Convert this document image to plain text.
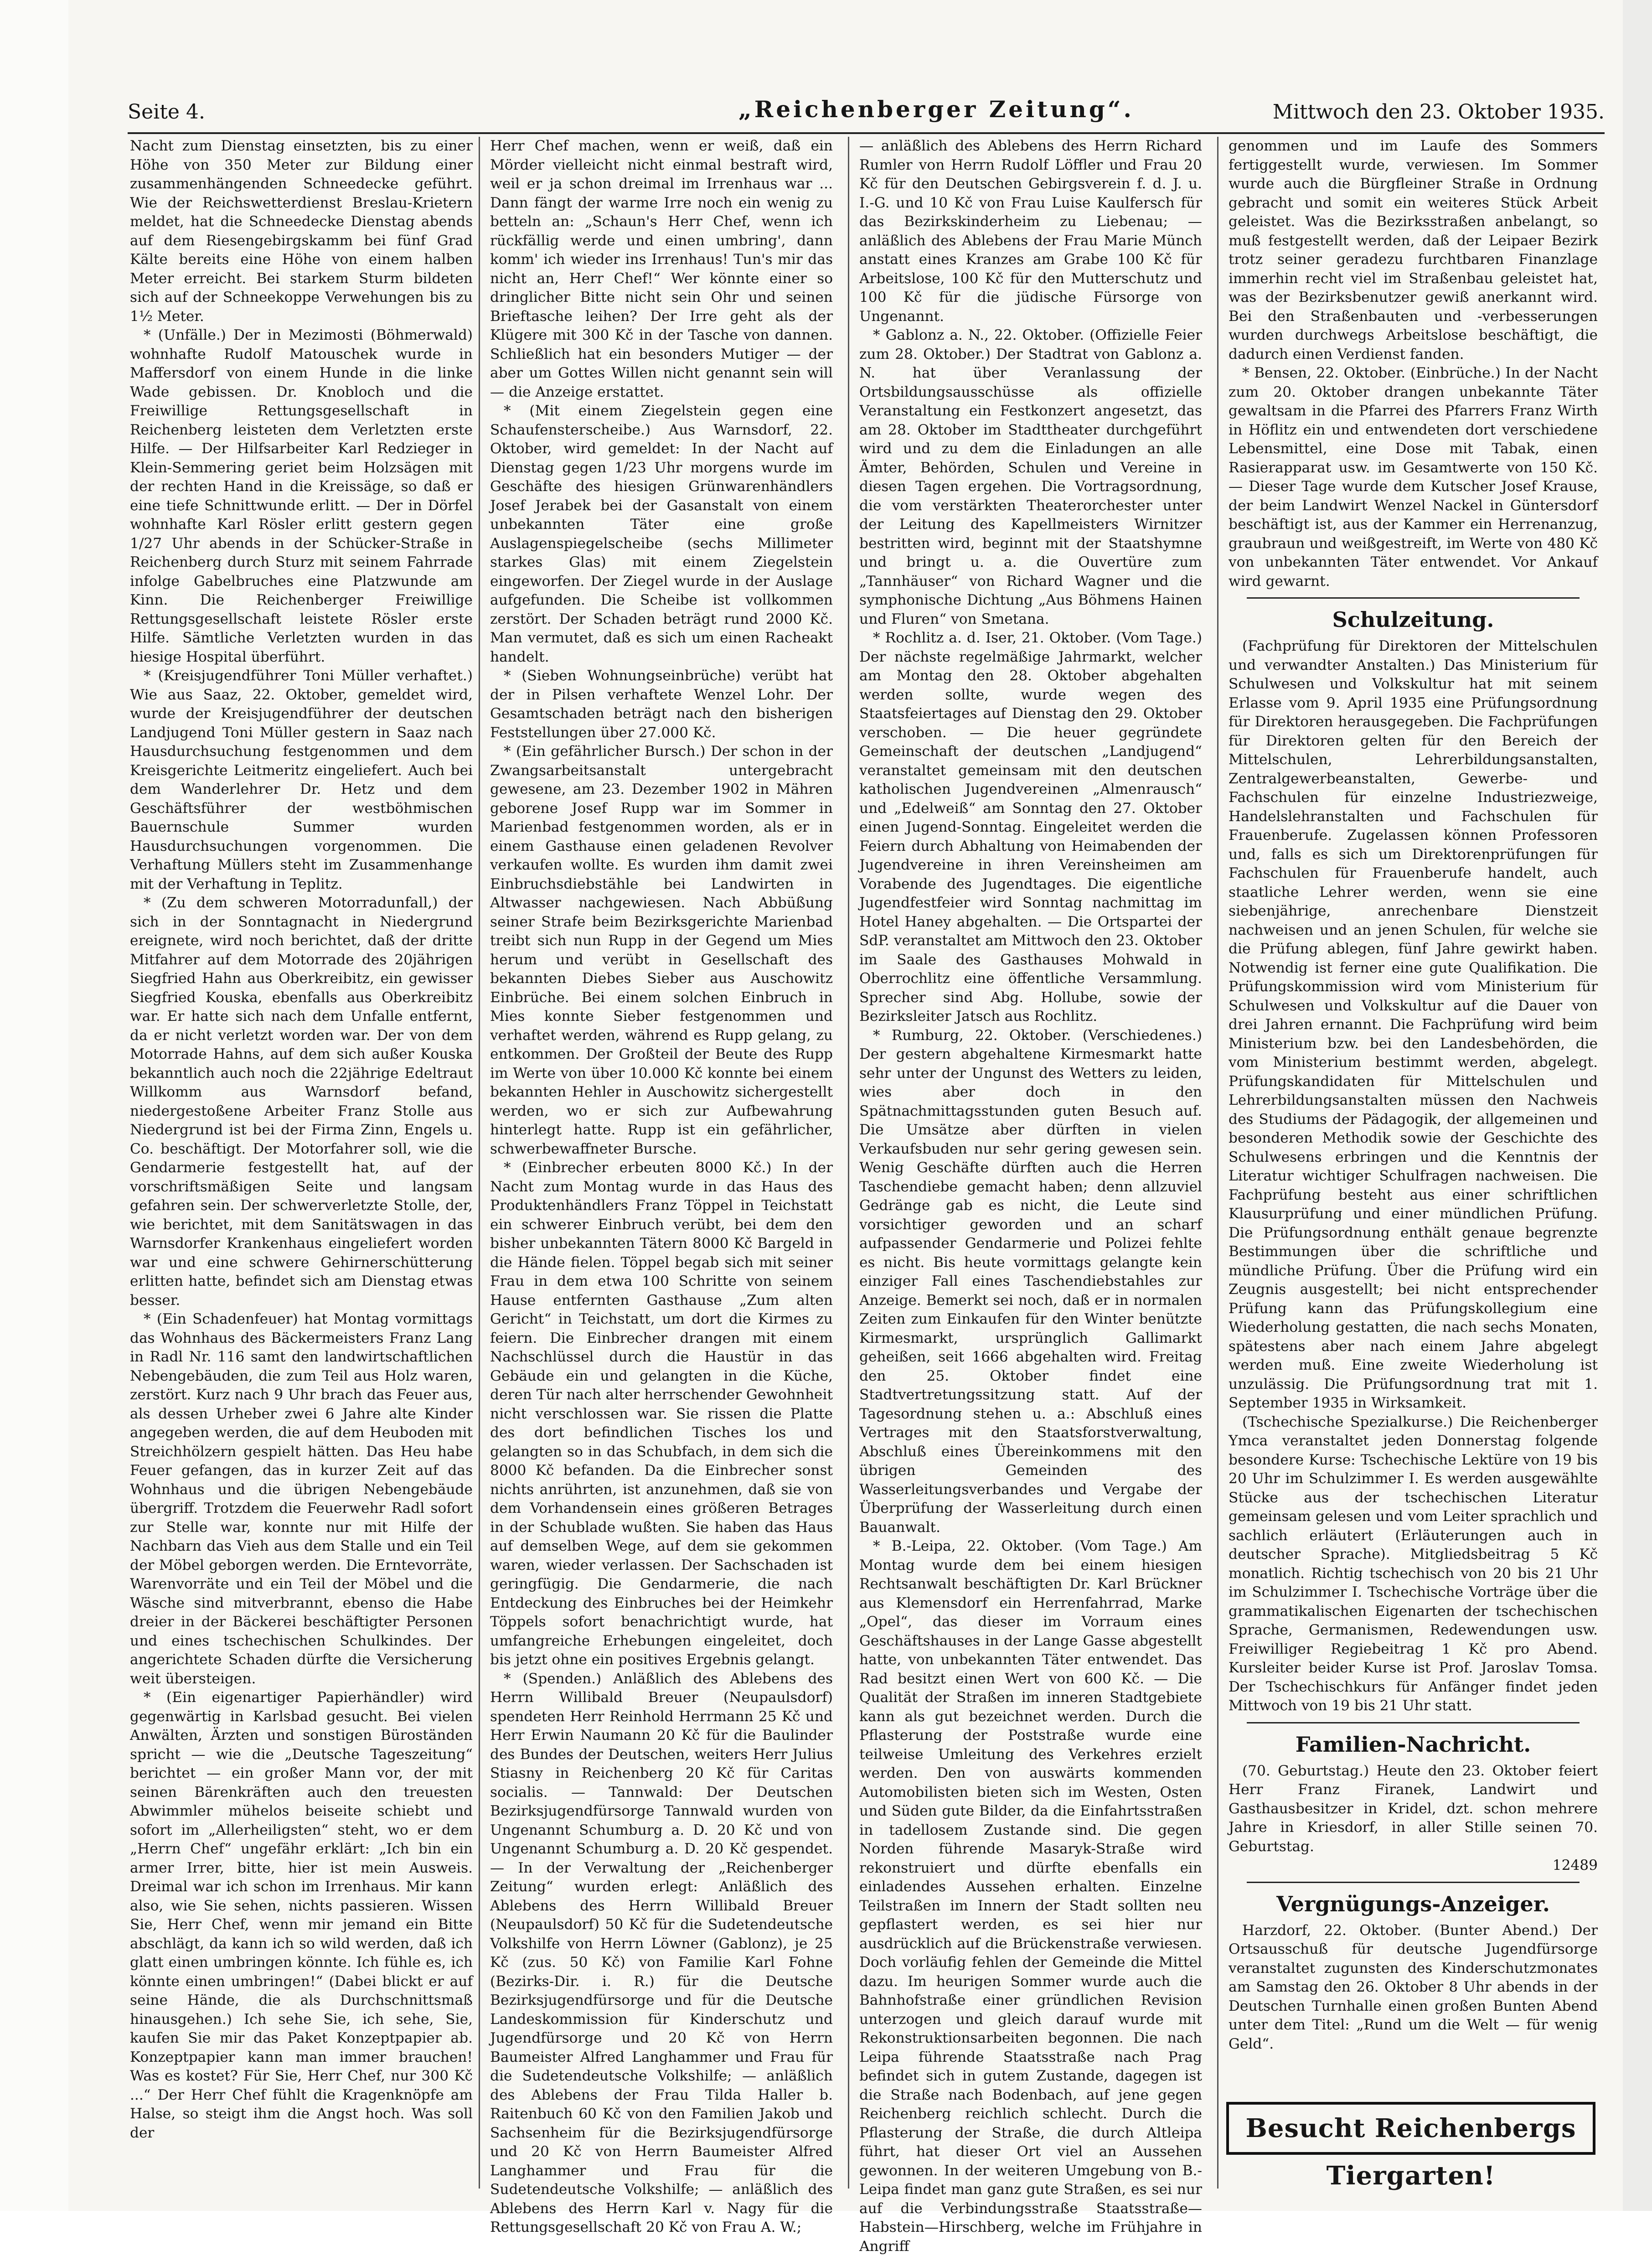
Seite 4.	„Reichenberger Zeitung“.	Mittwoch den 23. Oktober 1935.

Nacht zum Dienstag einsetzten, bis zu einer Höhe von 350 Meter zur Bildung einer zusammenhängenden Schneedecke geführt. Wie der Reichswetterdienst Breslau-Krietern meldet, hat die Schneedecke Dienstag abends auf dem Riesengebirgskamm bei fünf Grad Kälte bereits eine Höhe von einem halben Meter erreicht. Bei starkem Sturm bildeten sich auf der Schneekoppe Verwehungen bis zu 1½ Meter.

* (Unfälle.) Der in Mezimosti (Böhmerwald) wohnhafte Rudolf Matouschek wurde in Maffersdorf von einem Hunde in die linke Wade gebissen. Dr. Knobloch und die Freiwillige Rettungsgesellschaft in Reichenberg leisteten dem Verletzten erste Hilfe. — Der Hilfsarbeiter Karl Redzieger in Klein-Semmering geriet beim Holzsägen mit der rechten Hand in die Kreissäge, so daß er eine tiefe Schnittwunde erlitt. — Der in Dörfel wohnhafte Karl Rösler erlitt gestern gegen 1/27 Uhr abends in der Schücker-Straße in Reichenberg durch Sturz mit seinem Fahrrade infolge Gabelbruches eine Platzwunde am Kinn. Die Reichenberger Freiwillige Rettungsgesellschaft leistete Rösler erste Hilfe. Sämtliche Verletzten wurden in das hiesige Hospital überführt.

* (Kreisjugendführer Toni Müller verhaftet.) Wie aus Saaz, 22. Oktober, gemeldet wird, wurde der Kreisjugendführer der deutschen Landjugend Toni Müller gestern in Saaz nach Hausdurchsuchung festgenommen und dem Kreisgerichte Leitmeritz eingeliefert. Auch bei dem Wanderlehrer Dr. Hetz und dem Geschäftsführer der westböhmischen Bauernschule Summer wurden Hausdurchsuchungen vorgenommen. Die Verhaftung Müllers steht im Zusammenhange mit der Verhaftung in Teplitz.

* (Zu dem schweren Motorradunfall,) der sich in der Sonntagnacht in Niedergrund ereignete, wird noch berichtet, daß der dritte Mitfahrer auf dem Motorrade des 20jährigen Siegfried Hahn aus Oberkreibitz, ein gewisser Siegfried Kouska, ebenfalls aus Oberkreibitz war. Er hatte sich nach dem Unfalle entfernt, da er nicht verletzt worden war. Der von dem Motorrade Hahns, auf dem sich außer Kouska bekanntlich auch noch die 22jährige Edeltraut Willkomm aus Warnsdorf befand, niedergestoßene Arbeiter Franz Stolle aus Niedergrund ist bei der Firma Zinn, Engels u. Co. beschäftigt. Der Motorfahrer soll, wie die Gendarmerie festgestellt hat, auf der vorschriftsmäßigen Seite und langsam gefahren sein. Der schwerverletzte Stolle, der, wie berichtet, mit dem Sanitätswagen in das Warnsdorfer Krankenhaus eingeliefert worden war und eine schwere Gehirnerschütterung erlitten hatte, befindet sich am Dienstag etwas besser.

* (Ein Schadenfeuer) hat Montag vormittags das Wohnhaus des Bäckermeisters Franz Lang in Radl Nr. 116 samt den landwirtschaftlichen Nebengebäuden, die zum Teil aus Holz waren, zerstört. Kurz nach 9 Uhr brach das Feuer aus, als dessen Urheber zwei 6 Jahre alte Kinder angegeben werden, die auf dem Heuboden mit Streichhölzern gespielt hätten. Das Heu habe Feuer gefangen, das in kurzer Zeit auf das Wohnhaus und die übrigen Nebengebäude übergriff. Trotzdem die Feuerwehr Radl sofort zur Stelle war, konnte nur mit Hilfe der Nachbarn das Vieh aus dem Stalle und ein Teil der Möbel geborgen werden. Die Erntevorräte, Warenvorräte und ein Teil der Möbel und die Wäsche sind mitverbrannt, ebenso die Habe dreier in der Bäckerei beschäftigter Personen und eines tschechischen Schulkindes. Der angerichtete Schaden dürfte die Versicherung weit übersteigen.

* (Ein eigenartiger Papierhändler) wird gegenwärtig in Karlsbad gesucht. Bei vielen Anwälten, Ärzten und sonstigen Büroständen spricht — wie die „Deutsche Tageszeitung“ berichtet — ein großer Mann vor, der mit seinen Bärenkräften auch den treuesten Abwimmler mühelos beiseite schiebt und sofort im „Allerheiligsten“ steht, wo er dem „Herrn Chef“ ungefähr erklärt: „Ich bin ein armer Irrer, bitte, hier ist mein Ausweis. Dreimal war ich schon im Irrenhaus. Mir kann also, wie Sie sehen, nichts passieren. Wissen Sie, Herr Chef, wenn mir jemand ein Bitte abschlägt, da kann ich so wild werden, daß ich glatt einen umbringen könnte. Ich fühle es, ich könnte einen umbringen!“ (Dabei blickt er auf seine Hände, die als Durchschnittsmaß hinausgehen.) Ich sehe Sie, ich sehe, Sie, kaufen Sie mir das Paket Konzeptpapier ab. Konzeptpapier kann man immer brauchen! Was es kostet? Für Sie, Herr Chef, nur 300 Kč ...“ Der Herr Chef fühlt die Kragenknöpfe am Halse, so steigt ihm die Angst hoch. Was soll der

Herr Chef machen, wenn er weiß, daß ein Mörder vielleicht nicht einmal bestraft wird, weil er ja schon dreimal im Irrenhaus war ... Dann fängt der warme Irre noch ein wenig zu betteln an: „Schaun's Herr Chef, wenn ich rückfällig werde und einen umbring', dann komm' ich wieder ins Irrenhaus! Tun's mir das nicht an, Herr Chef!“ Wer könnte einer so dringlicher Bitte nicht sein Ohr und seinen Brieftasche leihen? Der Irre geht als der Klügere mit 300 Kč in der Tasche von dannen. Schließlich hat ein besonders Mutiger — der aber um Gottes Willen nicht genannt sein will — die Anzeige erstattet.

* (Mit einem Ziegelstein gegen eine Schaufensterscheibe.) Aus Warnsdorf, 22. Oktober, wird gemeldet: In der Nacht auf Dienstag gegen 1/23 Uhr morgens wurde im Geschäfte des hiesigen Grünwarenhändlers Josef Jerabek bei der Gasanstalt von einem unbekannten Täter eine große Auslagenspiegelscheibe (sechs Millimeter starkes Glas) mit einem Ziegelstein eingeworfen. Der Ziegel wurde in der Auslage aufgefunden. Die Scheibe ist vollkommen zerstört. Der Schaden beträgt rund 2000 Kč. Man vermutet, daß es sich um einen Racheakt handelt.

* (Sieben Wohnungseinbrüche) verübt hat der in Pilsen verhaftete Wenzel Lohr. Der Gesamtschaden beträgt nach den bisherigen Feststellungen über 27.000 Kč.

* (Ein gefährlicher Bursch.) Der schon in der Zwangsarbeitsanstalt untergebracht gewesene, am 23. Dezember 1902 in Mähren geborene Josef Rupp war im Sommer in Marienbad festgenommen worden, als er in einem Gasthause einen geladenen Revolver verkaufen wollte. Es wurden ihm damit zwei Einbruchsdiebstähle bei Landwirten in Altwasser nachgewiesen. Nach Abbüßung seiner Strafe beim Bezirksgerichte Marienbad treibt sich nun Rupp in der Gegend um Mies herum und verübt in Gesellschaft des bekannten Diebes Sieber aus Auschowitz Einbrüche. Bei einem solchen Einbruch in Mies konnte Sieber festgenommen und verhaftet werden, während es Rupp gelang, zu entkommen. Der Großteil der Beute des Rupp im Werte von über 10.000 Kč konnte bei einem bekannten Hehler in Auschowitz sichergestellt werden, wo er sich zur Aufbewahrung hinterlegt hatte. Rupp ist ein gefährlicher, schwerbewaffneter Bursche.

* (Einbrecher erbeuten 8000 Kč.) In der Nacht zum Montag wurde in das Haus des Produktenhändlers Franz Töppel in Teichstatt ein schwerer Einbruch verübt, bei dem den bisher unbekannten Tätern 8000 Kč Bargeld in die Hände fielen. Töppel begab sich mit seiner Frau in dem etwa 100 Schritte von seinem Hause entfernten Gasthause „Zum alten Gericht“ in Teichstatt, um dort die Kirmes zu feiern. Die Einbrecher drangen mit einem Nachschlüssel durch die Haustür in das Gebäude ein und gelangten in die Küche, deren Tür nach alter herrschender Gewohnheit nicht verschlossen war. Sie rissen die Platte des dort befindlichen Tisches los und gelangten so in das Schubfach, in dem sich die 8000 Kč befanden. Da die Einbrecher sonst nichts anrührten, ist anzunehmen, daß sie von dem Vorhandensein eines größeren Betrages in der Schublade wußten. Sie haben das Haus auf demselben Wege, auf dem sie gekommen waren, wieder verlassen. Der Sachschaden ist geringfügig. Die Gendarmerie, die nach Entdeckung des Einbruches bei der Heimkehr Töppels sofort benachrichtigt wurde, hat umfangreiche Erhebungen eingeleitet, doch bis jetzt ohne ein positives Ergebnis gelangt.

* (Spenden.) Anläßlich des Ablebens des Herrn Willibald Breuer (Neupaulsdorf) spendeten Herr Reinhold Herrmann 25 Kč und Herr Erwin Naumann 20 Kč für die Baulinder des Bundes der Deutschen, weiters Herr Julius Stiasny in Reichenberg 20 Kč für Caritas socialis. — Tannwald: Der Deutschen Bezirksjugendfürsorge Tannwald wurden von Ungenannt Schumburg a. D. 20 Kč und von Ungenannt Schumburg a. D. 20 Kč gespendet. — In der Verwaltung der „Reichenberger Zeitung“ wurden erlegt: Anläßlich des Ablebens des Herrn Willibald Breuer (Neupaulsdorf) 50 Kč für die Sudetendeutsche Volkshilfe von Herrn Löwner (Gablonz), je 25 Kč (zus. 50 Kč) von Familie Karl Fohne (Bezirks-Dir. i. R.) für die Deutsche Bezirksjugendfürsorge und für die Deutsche Landeskommission für Kinderschutz und Jugendfürsorge und 20 Kč von Herrn Baumeister Alfred Langhammer und Frau für die Sudetendeutsche Volkshilfe; — anläßlich des Ablebens der Frau Tilda Haller b. Raitenbuch 60 Kč von den Familien Jakob und Sachsenheim für die Bezirksjugendfürsorge und 20 Kč von Herrn Baumeister Alfred Langhammer und Frau für die Sudetendeutsche Volkshilfe; — anläßlich des Ablebens des Herrn Karl v. Nagy für die Rettungsgesellschaft 20 Kč von Frau A. W.;

— anläßlich des Ablebens des Herrn Richard Rumler von Herrn Rudolf Löffler und Frau 20 Kč für den Deutschen Gebirgsverein f. d. J. u. I.-G. und 10 Kč von Frau Luise Kaulfersch für das Bezirkskinderheim zu Liebenau; — anläßlich des Ablebens der Frau Marie Münch anstatt eines Kranzes am Grabe 100 Kč für Arbeitslose, 100 Kč für den Mutterschutz und 100 Kč für die jüdische Fürsorge von Ungenannt.

* Gablonz a. N., 22. Oktober. (Offizielle Feier zum 28. Oktober.) Der Stadtrat von Gablonz a. N. hat über Veranlassung der Ortsbildungsausschüsse als offizielle Veranstaltung ein Festkonzert angesetzt, das am 28. Oktober im Stadttheater durchgeführt wird und zu dem die Einladungen an alle Ämter, Behörden, Schulen und Vereine in diesen Tagen ergehen. Die Vortragsordnung, die vom verstärkten Theaterorchester unter der Leitung des Kapellmeisters Wirnitzer bestritten wird, beginnt mit der Staatshymne und bringt u. a. die Ouvertüre zum „Tannhäuser“ von Richard Wagner und die symphonische Dichtung „Aus Böhmens Hainen und Fluren“ von Smetana.

* Rochlitz a. d. Iser, 21. Oktober. (Vom Tage.) Der nächste regelmäßige Jahrmarkt, welcher am Montag den 28. Oktober abgehalten werden sollte, wurde wegen des Staatsfeiertages auf Dienstag den 29. Oktober verschoben. — Die heuer gegründete Gemeinschaft der deutschen „Landjugend“ veranstaltet gemeinsam mit den deutschen katholischen Jugendvereinen „Almenrausch“ und „Edelweiß“ am Sonntag den 27. Oktober einen Jugend-Sonntag. Eingeleitet werden die Feiern durch Abhaltung von Heimabenden der Jugendvereine in ihren Vereinsheimen am Vorabende des Jugendtages. Die eigentliche Jugendfestfeier wird Sonntag nachmittag im Hotel Haney abgehalten. — Die Ortspartei der SdP. veranstaltet am Mittwoch den 23. Oktober im Saale des Gasthauses Mohwald in Oberrochlitz eine öffentliche Versammlung. Sprecher sind Abg. Hollube, sowie der Bezirksleiter Jatsch aus Rochlitz.

* Rumburg, 22. Oktober. (Verschiedenes.) Der gestern abgehaltene Kirmesmarkt hatte sehr unter der Ungunst des Wetters zu leiden, wies aber doch in den Spätnachmittagsstunden guten Besuch auf. Die Umsätze aber dürften in vielen Verkaufsbuden nur sehr gering gewesen sein. Wenig Geschäfte dürften auch die Herren Taschendiebe gemacht haben; denn allzuviel Gedränge gab es nicht, die Leute sind vorsichtiger geworden und an scharf aufpassender Gendarmerie und Polizei fehlte es nicht. Bis heute vormittags gelangte kein einziger Fall eines Taschendiebstahles zur Anzeige. Bemerkt sei noch, daß er in normalen Zeiten zum Einkaufen für den Winter benützte Kirmesmarkt, ursprünglich Gallimarkt geheißen, seit 1666 abgehalten wird. Freitag den 25. Oktober findet eine Stadtvertretungssitzung statt. Auf der Tagesordnung stehen u. a.: Abschluß eines Vertrages mit den Staatsforstverwaltung, Abschluß eines Übereinkommens mit den übrigen Gemeinden des Wasserleitungsverbandes und Vergabe der Überprüfung der Wasserleitung durch einen Bauanwalt.

* B.-Leipa, 22. Oktober. (Vom Tage.) Am Montag wurde dem bei einem hiesigen Rechtsanwalt beschäftigten Dr. Karl Brückner aus Klemensdorf ein Herrenfahrrad, Marke „Opel“, das dieser im Vorraum eines Geschäftshauses in der Lange Gasse abgestellt hatte, von unbekannten Täter entwendet. Das Rad besitzt einen Wert von 600 Kč. — Die Qualität der Straßen im inneren Stadtgebiete kann als gut bezeichnet werden. Durch die Pflasterung der Poststraße wurde eine teilweise Umleitung des Verkehres erzielt werden. Den von auswärts kommenden Automobilisten bieten sich im Westen, Osten und Süden gute Bilder, da die Einfahrtsstraßen in tadellosem Zustande sind. Die gegen Norden führende Masaryk-Straße wird rekonstruiert und dürfte ebenfalls ein einladendes Aussehen erhalten. Einzelne Teilstraßen im Innern der Stadt sollten neu gepflastert werden, es sei hier nur ausdrücklich auf die Brückenstraße verwiesen. Doch vorläufig fehlen der Gemeinde die Mittel dazu. Im heurigen Sommer wurde auch die Bahnhofstraße einer gründlichen Revision unterzogen und gleich darauf wurde mit Rekonstruktionsarbeiten begonnen. Die nach Leipa führende Staatsstraße nach Prag befindet sich in gutem Zustande, dagegen ist die Straße nach Bodenbach, auf jene gegen Reichenberg reichlich schlecht. Durch die Pflasterung der Straße, die durch Altleipa führt, hat dieser Ort viel an Aussehen gewonnen. In der weiteren Umgebung von B.-Leipa findet man ganz gute Straßen, es sei nur auf die Verbindungsstraße Staatsstraße—Habstein—Hirschberg, welche im Frühjahre in Angriff

genommen und im Laufe des Sommers fertiggestellt wurde, verwiesen. Im Sommer wurde auch die Bürgfleiner Straße in Ordnung gebracht und somit ein weiteres Stück Arbeit geleistet. Was die Bezirksstraßen anbelangt, so muß festgestellt werden, daß der Leipaer Bezirk trotz seiner geradezu furchtbaren Finanzlage immerhin recht viel im Straßenbau geleistet hat, was der Bezirksbenutzer gewiß anerkannt wird. Bei den Straßenbauten und -verbesserungen wurden durchwegs Arbeitslose beschäftigt, die dadurch einen Verdienst fanden.

* Bensen, 22. Oktober. (Einbrüche.) In der Nacht zum 20. Oktober drangen unbekannte Täter gewaltsam in die Pfarrei des Pfarrers Franz Wirth in Höflitz ein und entwendeten dort verschiedene Lebensmittel, eine Dose mit Tabak, einen Rasierapparat usw. im Gesamtwerte von 150 Kč. — Dieser Tage wurde dem Kutscher Josef Krause, der beim Landwirt Wenzel Nackel in Güntersdorf beschäftigt ist, aus der Kammer ein Herrenanzug, graubraun und weißgestreift, im Werte von 480 Kč von unbekannten Täter entwendet. Vor Ankauf wird gewarnt.

Schulzeitung.

(Fachprüfung für Direktoren der Mittelschulen und verwandter Anstalten.) Das Ministerium für Schulwesen und Volkskultur hat mit seinem Erlasse vom 9. April 1935 eine Prüfungsordnung für Direktoren herausgegeben. Die Fachprüfungen für Direktoren gelten für den Bereich der Mittelschulen, Lehrerbildungsanstalten, Zentralgewerbeanstalten, Gewerbe- und Fachschulen für einzelne Industriezweige, Handelslehranstalten und Fachschulen für Frauenberufe. Zugelassen können Professoren und, falls es sich um Direktorenprüfungen für Fachschulen für Frauenberufe handelt, auch staatliche Lehrer werden, wenn sie eine siebenjährige, anrechenbare Dienstzeit nachweisen und an jenen Schulen, für welche sie die Prüfung ablegen, fünf Jahre gewirkt haben. Notwendig ist ferner eine gute Qualifikation. Die Prüfungskommission wird vom Ministerium für Schulwesen und Volkskultur auf die Dauer von drei Jahren ernannt. Die Fachprüfung wird beim Ministerium bzw. bei den Landesbehörden, die vom Ministerium bestimmt werden, abgelegt. Prüfungskandidaten für Mittelschulen und Lehrerbildungsanstalten müssen den Nachweis des Studiums der Pädagogik, der allgemeinen und besonderen Methodik sowie der Geschichte des Schulwesens erbringen und die Kenntnis der Literatur wichtiger Schulfragen nachweisen. Die Fachprüfung besteht aus einer schriftlichen Klausurprüfung und einer mündlichen Prüfung. Die Prüfungsordnung enthält genaue begrenzte Bestimmungen über die schriftliche und mündliche Prüfung. Über die Prüfung wird ein Zeugnis ausgestellt; bei nicht entsprechender Prüfung kann das Prüfungskollegium eine Wiederholung gestatten, die nach sechs Monaten, spätestens aber nach einem Jahre abgelegt werden muß. Eine zweite Wiederholung ist unzulässig. Die Prüfungsordnung trat mit 1. September 1935 in Wirksamkeit.

(Tschechische Spezialkurse.) Die Reichenberger Ymca veranstaltet jeden Donnerstag folgende besondere Kurse: Tschechische Lektüre von 19 bis 20 Uhr im Schulzimmer I. Es werden ausgewählte Stücke aus der tschechischen Literatur gemeinsam gelesen und vom Leiter sprachlich und sachlich erläutert (Erläuterungen auch in deutscher Sprache). Mitgliedsbeitrag 5 Kč monatlich. Richtig tschechisch von 20 bis 21 Uhr im Schulzimmer I. Tschechische Vorträge über die grammatikalischen Eigenarten der tschechischen Sprache, Germanismen, Redewendungen usw. Freiwilliger Regiebeitrag 1 Kč pro Abend. Kursleiter beider Kurse ist Prof. Jaroslav Tomsa. Der Tschechischkurs für Anfänger findet jeden Mittwoch von 19 bis 21 Uhr statt.

Familien-Nachricht.

(70. Geburtstag.) Heute den 23. Oktober feiert Herr Franz Firanek, Landwirt und Gasthausbesitzer in Kridel, dzt. schon mehrere Jahre in Kriesdorf, in aller Stille seinen 70. Geburtstag.

12489

Vergnügungs-Anzeiger.

Harzdorf, 22. Oktober. (Bunter Abend.) Der Ortsausschuß für deutsche Jugendfürsorge veranstaltet zugunsten des Kinderschutzmonates am Samstag den 26. Oktober 8 Uhr abends in der Deutschen Turnhalle einen großen Bunten Abend unter dem Titel: „Rund um die Welt — für wenig Geld“.

Besucht Reichenbergs Tiergarten!
